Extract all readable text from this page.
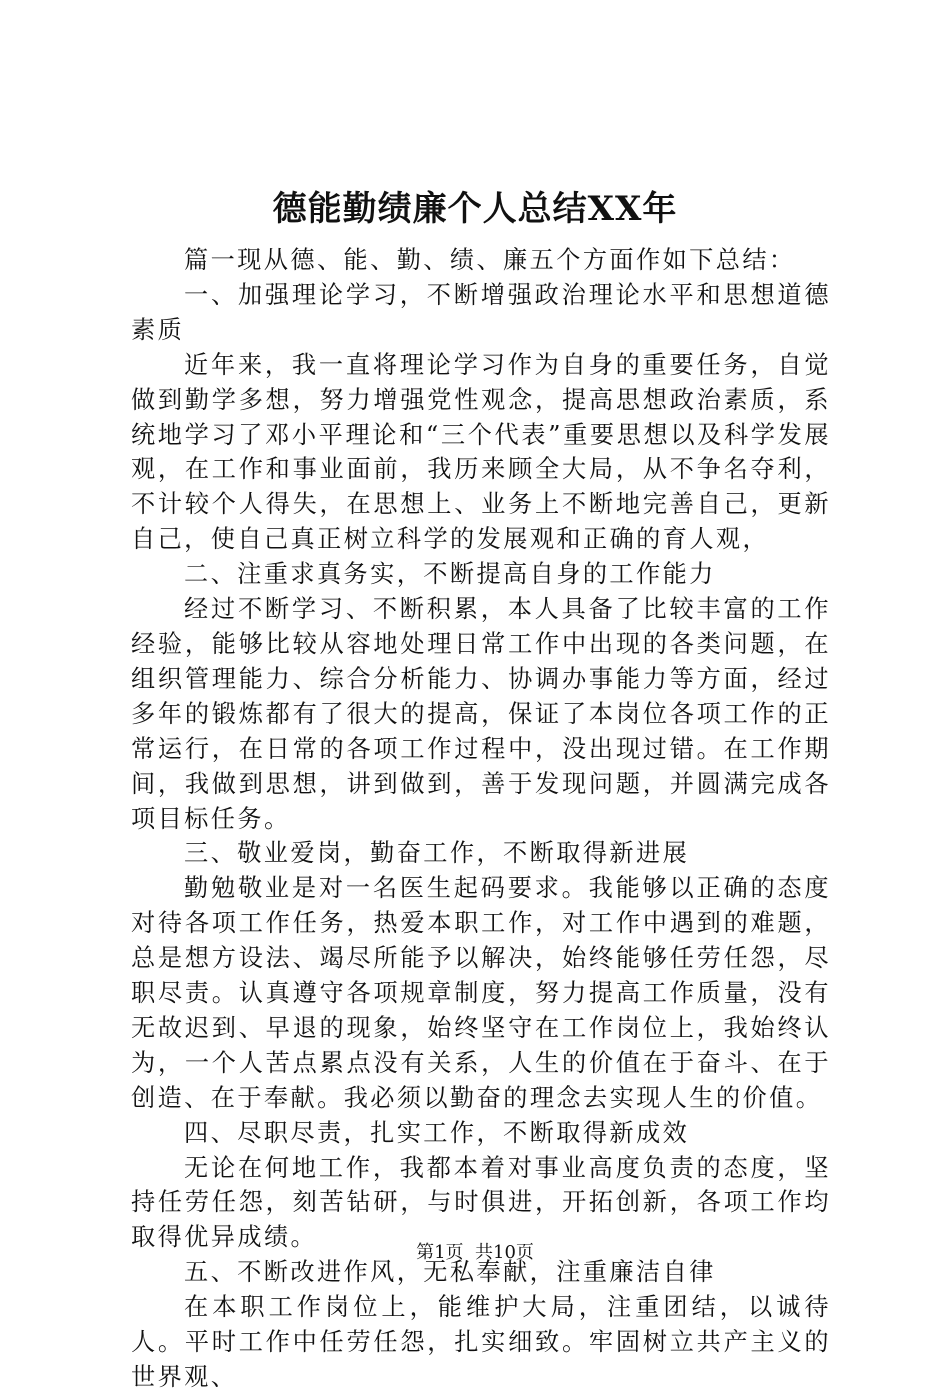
德能勤绩廉个人总结XX年

篇一现从德、能、勤、绩、廉五个方面作如下总结：

一、加强理论学习，不断增强政治理论水平和思想道德素质

近年来，我一直将理论学习作为自身的重要任务，自觉做到勤学多想，努力增强党性观念，提高思想政治素质，系统地学习了邓小平理论和“三个代表”重要思想以及科学发展观，在工作和事业面前，我历来顾全大局，从不争名夺利，不计较个人得失，在思想上、业务上不断地完善自己，更新自己，使自己真正树立科学的发展观和正确的育人观，

二、注重求真务实，不断提高自身的工作能力

经过不断学习、不断积累，本人具备了比较丰富的工作经验，能够比较从容地处理日常工作中出现的各类问题，在组织管理能力、综合分析能力、协调办事能力等方面，经过多年的锻炼都有了很大的提高，保证了本岗位各项工作的正常运行，在日常的各项工作过程中，没出现过错。在工作期间，我做到思想，讲到做到，善于发现问题，并圆满完成各项目标任务。

三、敬业爱岗，勤奋工作，不断取得新进展

勤勉敬业是对一名医生起码要求。我能够以正确的态度对待各项工作任务，热爱本职工作，对工作中遇到的难题，总是想方设法、竭尽所能予以解决，始终能够任劳任怨，尽职尽责。认真遵守各项规章制度，努力提高工作质量，没有无故迟到、早退的现象，始终坚守在工作岗位上，我始终认为，一个人苦点累点没有关系，人生的价值在于奋斗、在于创造、在于奉献。我必须以勤奋的理念去实现人生的价值。

四、尽职尽责，扎实工作，不断取得新成效

无论在何地工作，我都本着对事业高度负责的态度，坚持任劳任怨，刻苦钻研，与时俱进，开拓创新，各项工作均取得优异成绩。

五、不断改进作风，无私奉献，注重廉洁自律

在本职工作岗位上，能维护大局，注重团结，以诚待人。平时工作中任劳任怨，扎实细致。牢固树立共产主义的世界观、

第1页  共10页
